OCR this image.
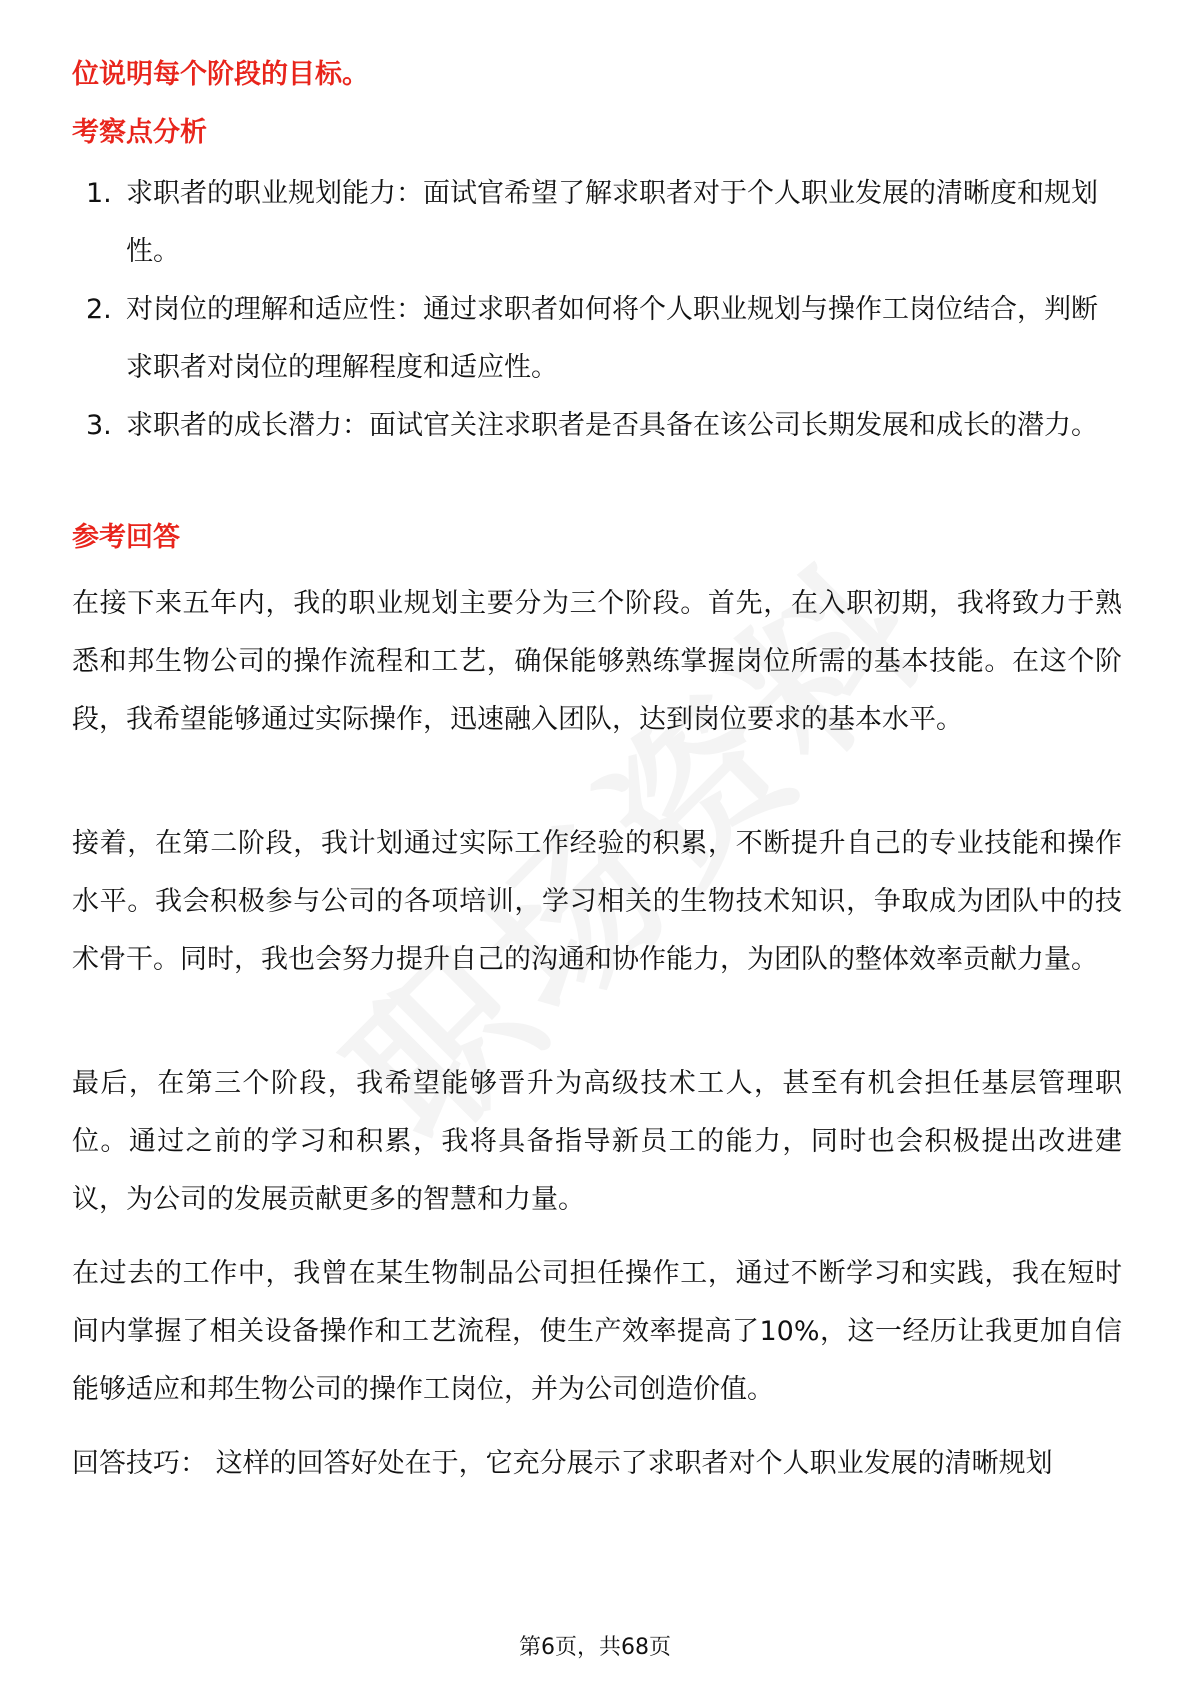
位说明每个阶段的目标。

考察点分析

1. 求职者的职业规划能力：面试官希望了解求职者对于个人职业发展的清晰度和规划性。
2. 对岗位的理解和适应性：通过求职者如何将个人职业规划与操作工岗位结合，判断求职者对岗位的理解程度和适应性。
3. 求职者的成长潜力：面试官关注求职者是否具备在该公司长期发展和成长的潜力。

参考回答

在接下来五年内，我的职业规划主要分为三个阶段。首先，在入职初期，我将致力于熟悉和邦生物公司的操作流程和工艺，确保能够熟练掌握岗位所需的基本技能。在这个阶段，我希望能够通过实际操作，迅速融入团队，达到岗位要求的基本水平。

接着，在第二阶段，我计划通过实际工作经验的积累，不断提升自己的专业技能和操作水平。我会积极参与公司的各项培训，学习相关的生物技术知识，争取成为团队中的技术骨干。同时，我也会努力提升自己的沟通和协作能力，为团队的整体效率贡献力量。

最后，在第三个阶段，我希望能够晋升为高级技术工人，甚至有机会担任基层管理职位。通过之前的学习和积累，我将具备指导新员工的能力，同时也会积极提出改进建议，为公司的发展贡献更多的智慧和力量。

在过去的工作中，我曾在某生物制品公司担任操作工，通过不断学习和实践，我在短时间内掌握了相关设备操作和工艺流程，使生产效率提高了10%，这一经历让我更加自信能够适应和邦生物公司的操作工岗位，并为公司创造价值。

回答技巧： 这样的回答好处在于，它充分展示了求职者对个人职业发展的清晰规划

第6页，共68页
